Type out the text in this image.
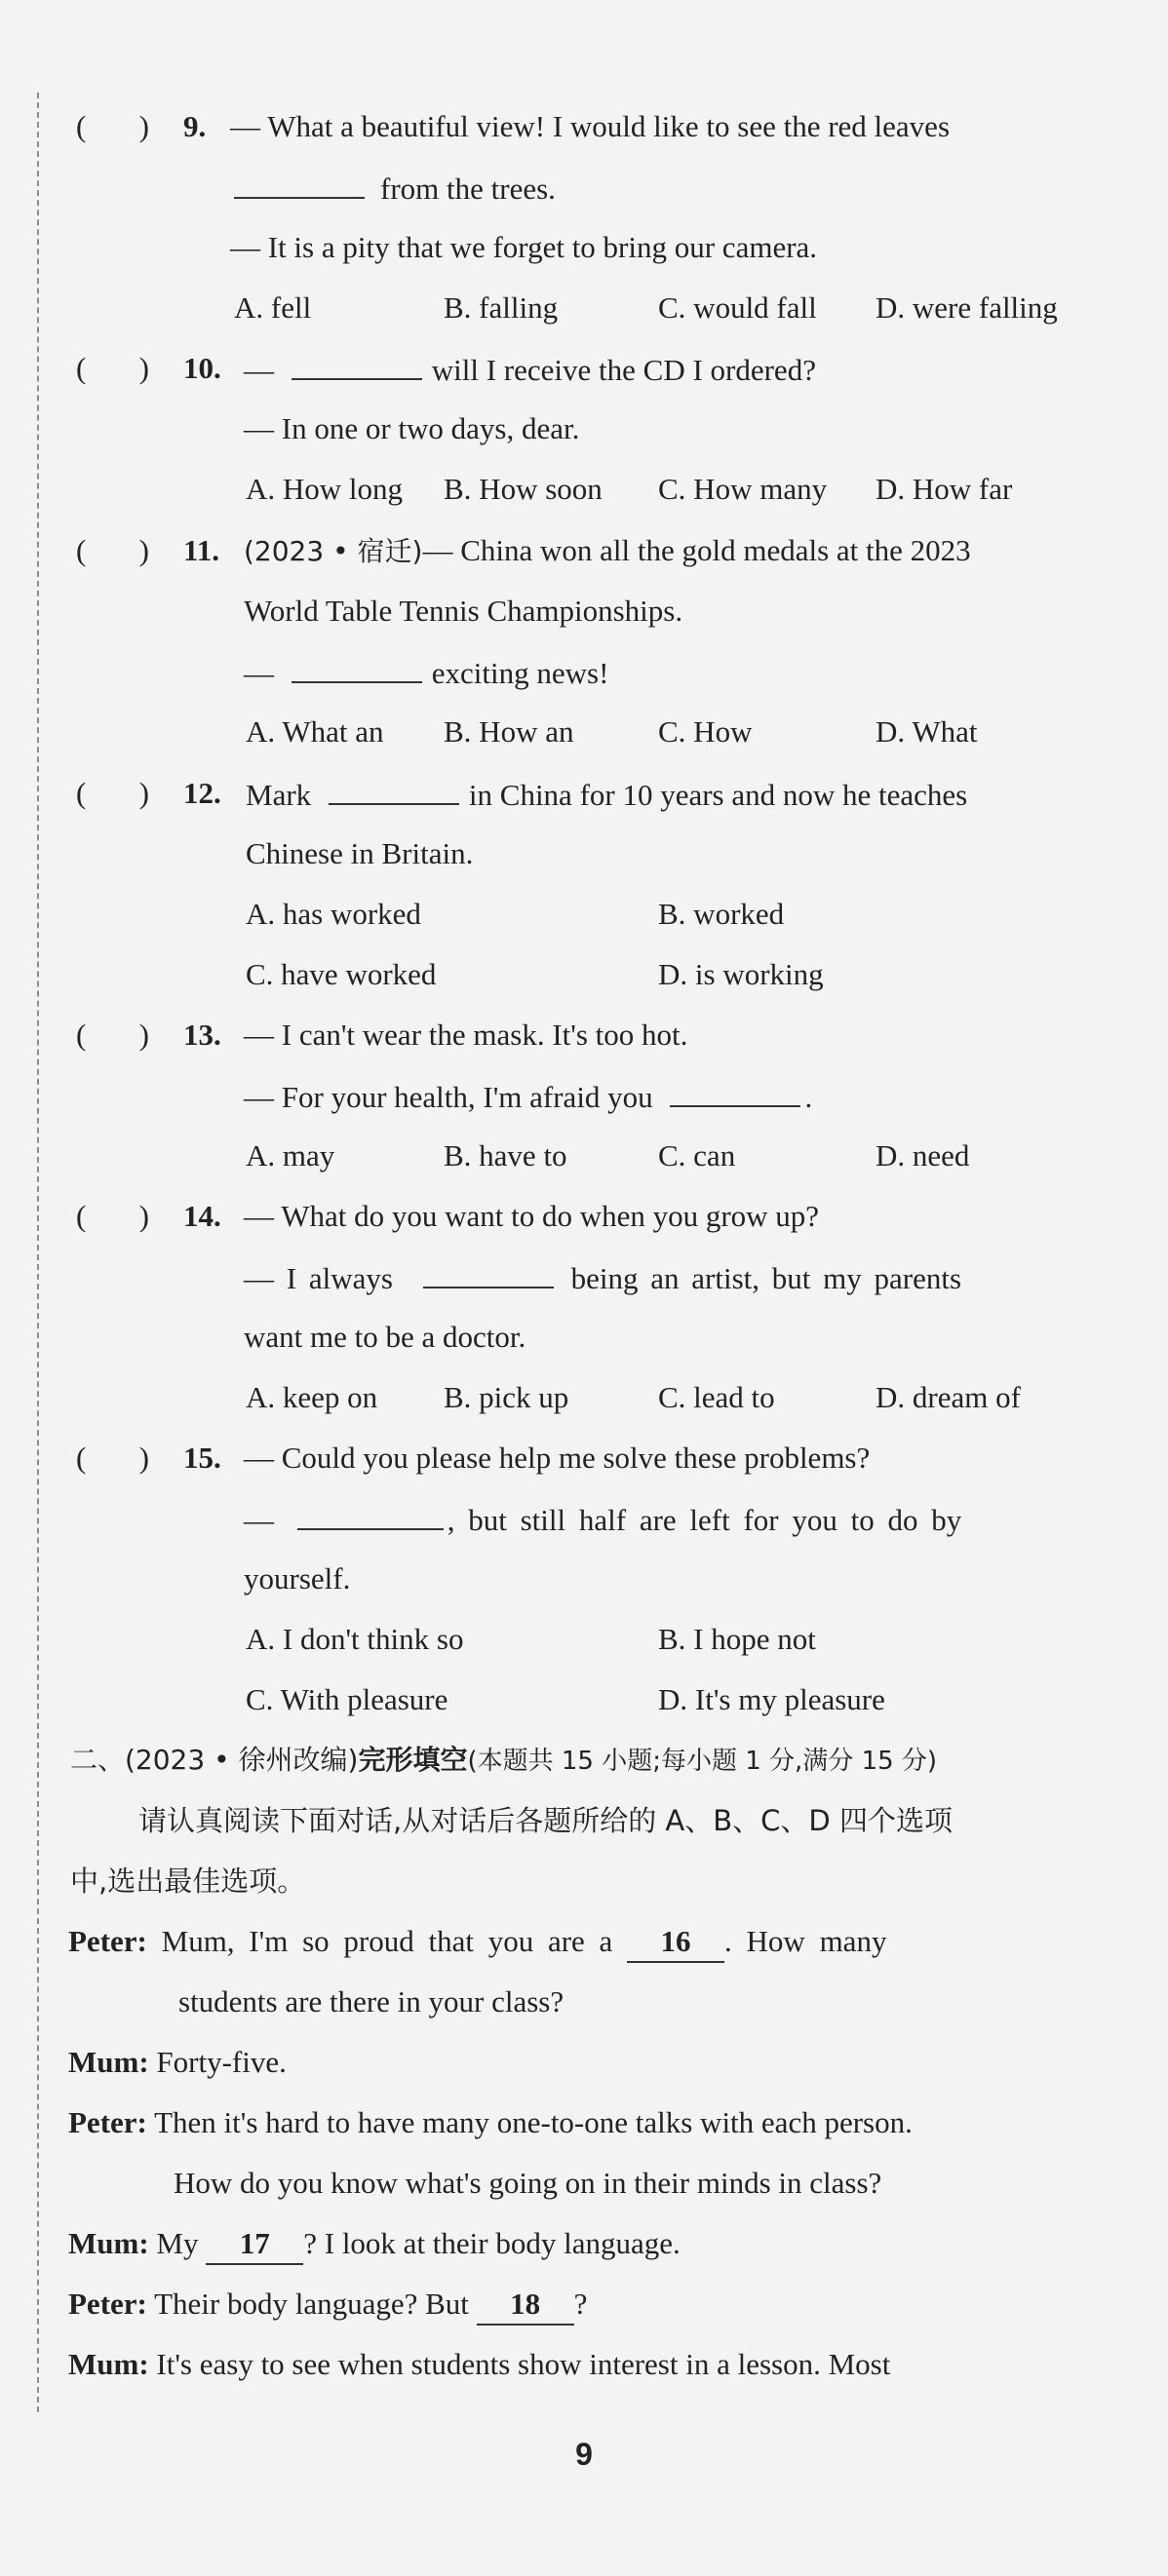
(       ) 9. — What a beautiful view! I would like to see the red leaves
from the trees.
— It is a pity that we forget to bring our camera.
A. fell	B. falling	C. would fall D. were falling
(       ) 10. —	will I receive the CD I ordered?
— In one or two days, dear.
A. How long B. How soon C. How many D. How far
(       ) 11. (2023 • 宿迁)— China won all the gold medals at the 2023
World Table Tennis Championships.
—	exciting news!
A. What an B. How an	C. How	D. What
(       ) 12. Mark	in China for 10 years and now he teaches
Chinese in Britain.
A. has worked	B. worked
C. have worked	D. is working
(       ) 13. — I can't wear the mask. It's too hot.
— For your health, I'm afraid you	.
A. may	B. have to	C. can	D. need
(       ) 14. — What do you want to do when you grow up?
— I always	being an artist, but my parents
want me to be a doctor.
A. keep on B. pick up	C. lead to	D. dream of
(       ) 15. — Could you please help me solve these problems?
—	, but still half are left for you to do by
yourself.
A. I don't think so	B. I hope not
C. With pleasure	D. It's my pleasure
二、(2023 • 徐州改编)完形填空(本题共 15 小题;每小题 1 分,满分 15 分)
请认真阅读下面对话,从对话后各题所给的 A、B、C、D 四个选项
中,选出最佳选项。
Peter: Mum, I'm so proud that you are a 16 . How many
students are there in your class?
Mum: Forty-five.
Peter: Then it's hard to have many one-to-one talks with each person.
How do you know what's going on in their minds in class?
Mum: My 17 ? I look at their body language.
Peter: Their body language? But 18 ?
Mum: It's easy to see when students show interest in a lesson. Most
9
